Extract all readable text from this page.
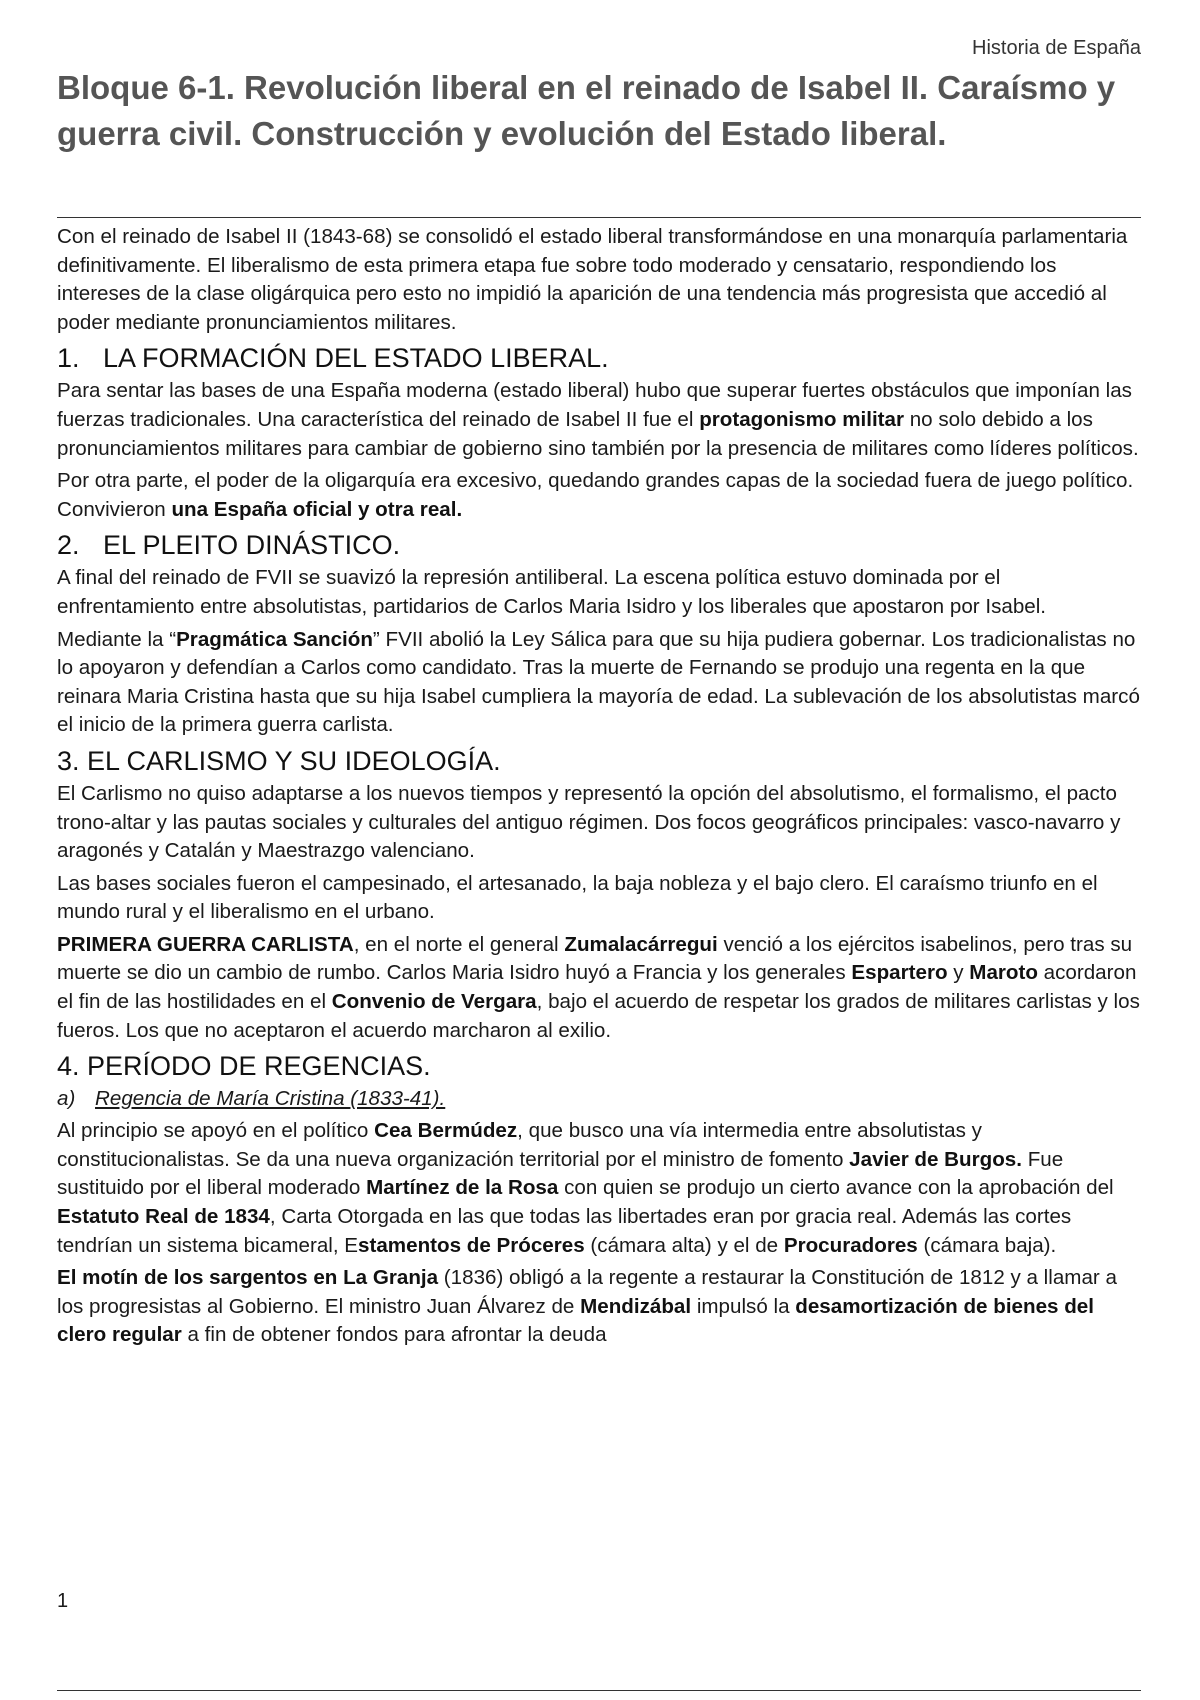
Historia de España
Bloque 6-1. Revolución liberal en el reinado de Isabel II. Caraísmo y guerra civil. Construcción y evolución del Estado liberal.

Con el reinado de Isabel II (1843-68) se consolidó el estado liberal transformándose en una monarquía parlamentaria definitivamente. El liberalismo de esta primera etapa fue sobre todo moderado y censatario, respondiendo los intereses de la clase oligárquica pero esto no impidió la aparición de una tendencia más progresista que accedió al poder mediante pronunciamientos militares.

1. LA FORMACIÓN DEL ESTADO LIBERAL.

Para sentar las bases de una España moderna (estado liberal) hubo que superar fuertes obstáculos que imponían las fuerzas tradicionales. Una característica del reinado de Isabel II fue el protagonismo militar no solo debido a los pronunciamientos militares para cambiar de gobierno sino también por la presencia de militares como líderes políticos.

Por otra parte, el poder de la oligarquía era excesivo, quedando grandes capas de la sociedad fuera de juego político. Convivieron una España oficial y otra real.

2. EL PLEITO DINÁSTICO.

A final del reinado de FVII se suavizó la represión antiliberal. La escena política estuvo dominada por el enfrentamiento entre absolutistas, partidarios de Carlos Maria Isidro y los liberales que apostaron por Isabel.

Mediante la “Pragmática Sanción” FVII abolió la Ley Sálica para que su hija pudiera gobernar. Los tradicionalistas no lo apoyaron y defendían a Carlos como candidato. Tras la muerte de Fernando se produjo una regenta en la que reinara Maria Cristina hasta que su hija Isabel cumpliera la mayoría de edad. La sublevación de los absolutistas marcó el inicio de la primera guerra carlista.

3. EL CARLISMO Y SU IDEOLOGÍA.

El Carlismo no quiso adaptarse a los nuevos tiempos y representó la opción del absolutismo, el formalismo, el pacto trono-altar y las pautas sociales y culturales del antiguo régimen. Dos focos geográficos principales: vasco-navarro y aragonés y Catalán y Maestrazgo valenciano.

Las bases sociales fueron el campesinado, el artesanado, la baja nobleza y el bajo clero. El caraísmo triunfo en el mundo rural y el liberalismo en el urbano.

PRIMERA GUERRA CARLISTA, en el norte el general Zumalacárregui venció a los ejércitos isabelinos, pero tras su muerte se dio un cambio de rumbo. Carlos Maria Isidro huyó a Francia y los generales Espartero y Maroto acordaron el fin de las hostilidades en el Convenio de Vergara, bajo el acuerdo de respetar los grados de militares carlistas y los fueros. Los que no aceptaron el acuerdo marcharon al exilio.

4. PERÍODO DE REGENCIAS.
a) Regencia de María Cristina (1833-41).

Al principio se apoyó en el político Cea Bermúdez, que busco una vía intermedia entre absolutistas y constitucionalistas. Se da una nueva organización territorial por el ministro de fomento Javier de Burgos. Fue sustituido por el liberal moderado Martínez de la Rosa con quien se produjo un cierto avance con la aprobación del Estatuto Real de 1834, Carta Otorgada en las que todas las libertades eran por gracia real. Además las cortes tendrían un sistema bicameral, Estamentos de Próceres (cámara alta) y el de Procuradores (cámara baja).

El motín de los sargentos en La Granja (1836) obligó a la regente a restaurar la Constitución de 1812 y a llamar a los progresistas al Gobierno. El ministro Juan Álvarez de Mendizábal impulsó la desamortización de bienes del clero regular a fin de obtener fondos para afrontar la deuda

1
